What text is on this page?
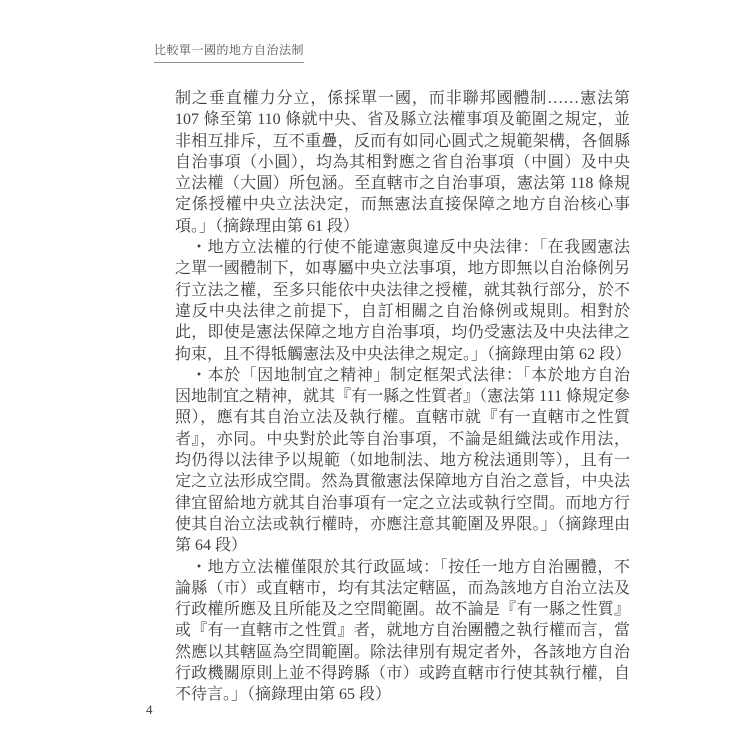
比較單一國的地方自治法制

制之垂直權力分立，係採單一國，而非聯邦國體制……憲法第 107 條至第 110 條就中央、省及縣立法權事項及範圍之規定，並非相互排斥，互不重疊，反而有如同心圓式之規範架構，各個縣自治事項（小圓），均為其相對應之省自治事項（中圓）及中央立法權（大圓）所包涵。至直轄市之自治事項，憲法第 118 條規定係授權中央立法決定，而無憲法直接保障之地方自治核心事項。」（摘錄理由第 61 段）

・地方立法權的行使不能違憲與違反中央法律：「在我國憲法之單一國體制下，如專屬中央立法事項，地方即無以自治條例另行立法之權，至多只能依中央法律之授權，就其執行部分，於不違反中央法律之前提下，自訂相關之自治條例或規則。相對於此，即使是憲法保障之地方自治事項，均仍受憲法及中央法律之拘束，且不得牴觸憲法及中央法律之規定。」（摘錄理由第 62 段）

・本於「因地制宜之精神」制定框架式法律：「本於地方自治因地制宜之精神，就其『有一縣之性質者』（憲法第 111 條規定參照），應有其自治立法及執行權。直轄市就『有一直轄市之性質者』，亦同。中央對於此等自治事項，不論是組織法或作用法，均仍得以法律予以規範（如地制法、地方稅法通則等），且有一定之立法形成空間。然為貫徹憲法保障地方自治之意旨，中央法律宜留給地方就其自治事項有一定之立法或執行空間。而地方行使其自治立法或執行權時，亦應注意其範圍及界限。」（摘錄理由第 64 段）

・地方立法權僅限於其行政區域：「按任一地方自治團體，不論縣（市）或直轄市，均有其法定轄區，而為該地方自治立法及行政權所應及且所能及之空間範圍。故不論是『有一縣之性質』或『有一直轄市之性質』者，就地方自治團體之執行權而言，當然應以其轄區為空間範圍。除法律別有規定者外，各該地方自治行政機關原則上並不得跨縣（市）或跨直轄市行使其執行權，自不待言。」（摘錄理由第 65 段）

4
